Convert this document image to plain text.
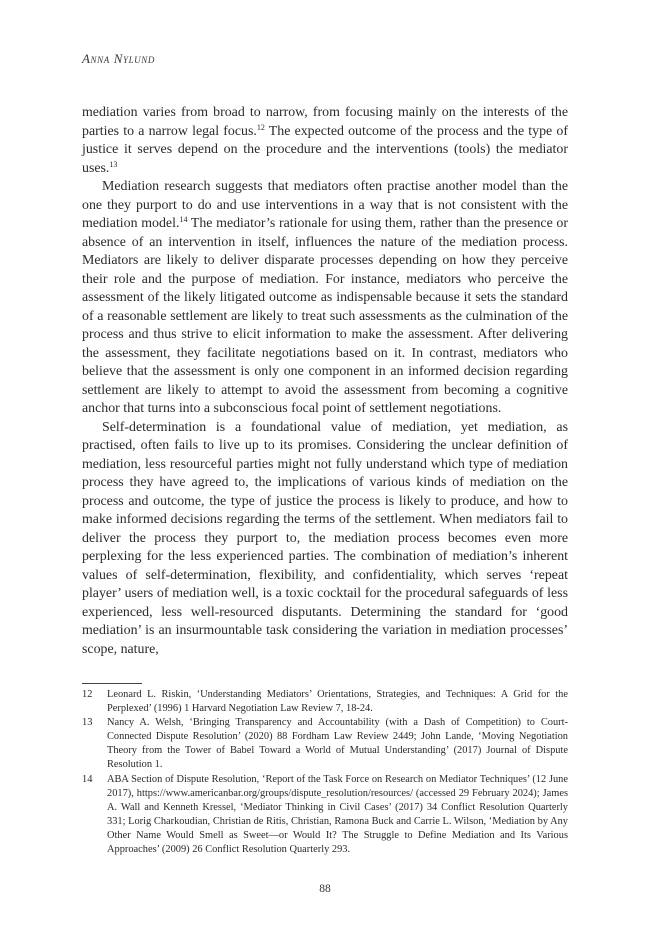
Anna Nylund

mediation varies from broad to narrow, from focusing mainly on the interests of the parties to a narrow legal focus.$^{12}$ The expected outcome of the process and the type of justice it serves depend on the procedure and the interventions (tools) the mediator uses.$^{13}$

Mediation research suggests that mediators often practise another model than the one they purport to do and use interventions in a way that is not consistent with the mediation model.$^{14}$ The mediator’s rationale for using them, rather than the presence or absence of an intervention in itself, influences the nature of the mediation process. Mediators are likely to deliver disparate processes depending on how they perceive their role and the purpose of mediation. For instance, mediators who perceive the assessment of the likely litigated outcome as indispensable because it sets the standard of a reasonable settlement are likely to treat such assessments as the culmination of the process and thus strive to elicit information to make the assessment. After delivering the assessment, they facilitate negotiations based on it. In contrast, mediators who believe that the assessment is only one component in an informed decision regarding settlement are likely to attempt to avoid the assessment from becoming a cognitive anchor that turns into a subconscious focal point of settlement negotiations.

Self-determination is a foundational value of mediation, yet mediation, as practised, often fails to live up to its promises. Considering the unclear definition of mediation, less resourceful parties might not fully understand which type of mediation process they have agreed to, the implications of various kinds of mediation on the process and outcome, the type of justice the process is likely to produce, and how to make informed decisions regarding the terms of the settlement. When mediators fail to deliver the process they purport to, the mediation process becomes even more perplexing for the less experienced parties. The combination of mediation’s inherent values of self-determination, flexibility, and confidentiality, which serves ‘repeat player’ users of mediation well, is a toxic cocktail for the procedural safeguards of less experienced, less well-resourced disputants. Determining the standard for ‘good mediation’ is an insurmountable task considering the variation in mediation processes’ scope, nature,

12 Leonard L. Riskin, ‘Understanding Mediators’ Orientations, Strategies, and Techniques: A Grid for the Perplexed’ (1996) 1 Harvard Negotiation Law Review 7, 18-24.
13 Nancy A. Welsh, ‘Bringing Transparency and Accountability (with a Dash of Competition) to Court-Connected Dispute Resolution’ (2020) 88 Fordham Law Review 2449; John Lande, ‘Moving Negotiation Theory from the Tower of Babel Toward a World of Mutual Understanding’ (2017) Journal of Dispute Resolution 1.
14 ABA Section of Dispute Resolution, ‘Report of the Task Force on Research on Mediator Techniques’ (12 June 2017), https://www.americanbar.org/groups/dispute_resolution/resources/ (accessed 29 February 2024); James A. Wall and Kenneth Kressel, ‘Mediator Thinking in Civil Cases’ (2017) 34 Conflict Resolution Quarterly 331; Lorig Charkoudian, Christian de Ritis, Christian, Ramona Buck and Carrie L. Wilson, ‘Mediation by Any Other Name Would Smell as Sweet—or Would It? The Struggle to Define Mediation and Its Various Approaches’ (2009) 26 Conflict Resolution Quarterly 293.
88
